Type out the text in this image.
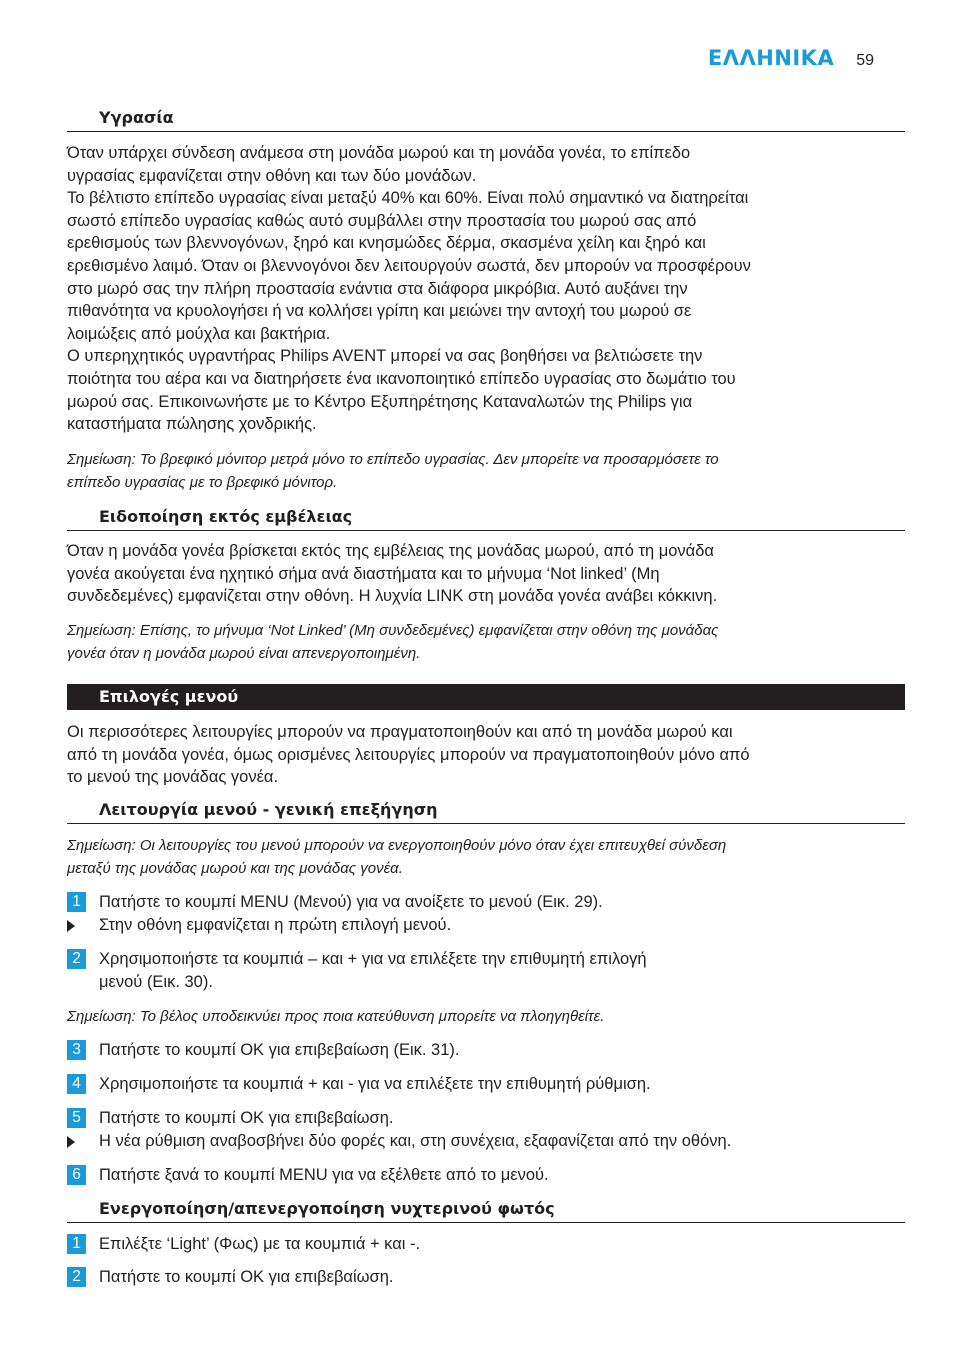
ΕΛΛΗΝΙΚΑ 59
Υγρασία
Όταν υπάρχει σύνδεση ανάμεσα στη μονάδα μωρού και τη μονάδα γονέα, το επίπεδο
υγρασίας εμφανίζεται στην οθόνη και των δύο μονάδων.
Το βέλτιστο επίπεδο υγρασίας είναι μεταξύ 40% και 60%. Είναι πολύ σημαντικό να διατηρείται
σωστό επίπεδο υγρασίας καθώς αυτό συμβάλλει στην προστασία του μωρού σας από
ερεθισμούς των βλεννογόνων, ξηρό και κνησμώδες δέρμα, σκασμένα χείλη και ξηρό και
ερεθισμένο λαιμό. Όταν οι βλεννογόνοι δεν λειτουργούν σωστά, δεν μπορούν να προσφέρουν
στο μωρό σας την πλήρη προστασία ενάντια στα διάφορα μικρόβια. Αυτό αυξάνει την
πιθανότητα να κρυολογήσει ή να κολλήσει γρίπη και μειώνει την αντοχή του μωρού σε
λοιμώξεις από μούχλα και βακτήρια.
Ο υπερηχητικός υγραντήρας Philips AVENT μπορεί να σας βοηθήσει να βελτιώσετε την
ποιότητα του αέρα και να διατηρήσετε ένα ικανοποιητικό επίπεδο υγρασίας στο δωμάτιο του
μωρού σας. Επικοινωνήστε με το Κέντρο Εξυπηρέτησης Καταναλωτών της Philips για
καταστήματα πώλησης χονδρικής.
Σημείωση: Το βρεφικό μόνιτορ μετρά μόνο το επίπεδο υγρασίας. Δεν μπορείτε να προσαρμόσετε το
επίπεδο υγρασίας με το βρεφικό μόνιτορ.
Ειδοποίηση εκτός εμβέλειας
Όταν η μονάδα γονέα βρίσκεται εκτός της εμβέλειας της μονάδας μωρού, από τη μονάδα
γονέα ακούγεται ένα ηχητικό σήμα ανά διαστήματα και το μήνυμα ‘Not linked’ (Μη
συνδεδεμένες) εμφανίζεται στην οθόνη. Η λυχνία LINK στη μονάδα γονέα ανάβει κόκκινη.
Σημείωση: Επίσης, το μήνυμα ‘Not Linked’ (Μη συνδεδεμένες) εμφανίζεται στην οθόνη της μονάδας
γονέα όταν η μονάδα μωρού είναι απενεργοποιημένη.
Επιλογές μενού
Οι περισσότερες λειτουργίες μπορούν να πραγματοποιηθούν και από τη μονάδα μωρού και
από τη μονάδα γονέα, όμως ορισμένες λειτουργίες μπορούν να πραγματοποιηθούν μόνο από
το μενού της μονάδας γονέα.
Λειτουργία μενού - γενική επεξήγηση
Σημείωση: Οι λειτουργίες του μενού μπορούν να ενεργοποιηθούν μόνο όταν έχει επιτευχθεί σύνδεση
μεταξύ της μονάδας μωρού και της μονάδας γονέα.
1	Πατήστε το κουμπί MENU (Μενού) για να ανοίξετε το μενού (Εικ. 29).
Στην οθόνη εμφανίζεται η πρώτη επιλογή μενού.
2	Χρησιμοποιήστε τα κουμπιά – και + για να επιλέξετε την επιθυμητή επιλογή
μενού (Εικ. 30).
Σημείωση: Το βέλος υποδεικνύει προς ποια κατεύθυνση μπορείτε να πλοηγηθείτε.
3	Πατήστε το κουμπί OK για επιβεβαίωση (Εικ. 31).
4	Χρησιμοποιήστε τα κουμπιά + και - για να επιλέξετε την επιθυμητή ρύθμιση.
5	Πατήστε το κουμπί OK για επιβεβαίωση.
Η νέα ρύθμιση αναβοσβήνει δύο φορές και, στη συνέχεια, εξαφανίζεται από την οθόνη.
6	Πατήστε ξανά το κουμπί MENU για να εξέλθετε από το μενού.
Ενεργοποίηση/απενεργοποίηση νυχτερινού φωτός
1	Επιλέξτε ‘Light’ (Φως) με τα κουμπιά + και -.
2	Πατήστε το κουμπί OK για επιβεβαίωση.
